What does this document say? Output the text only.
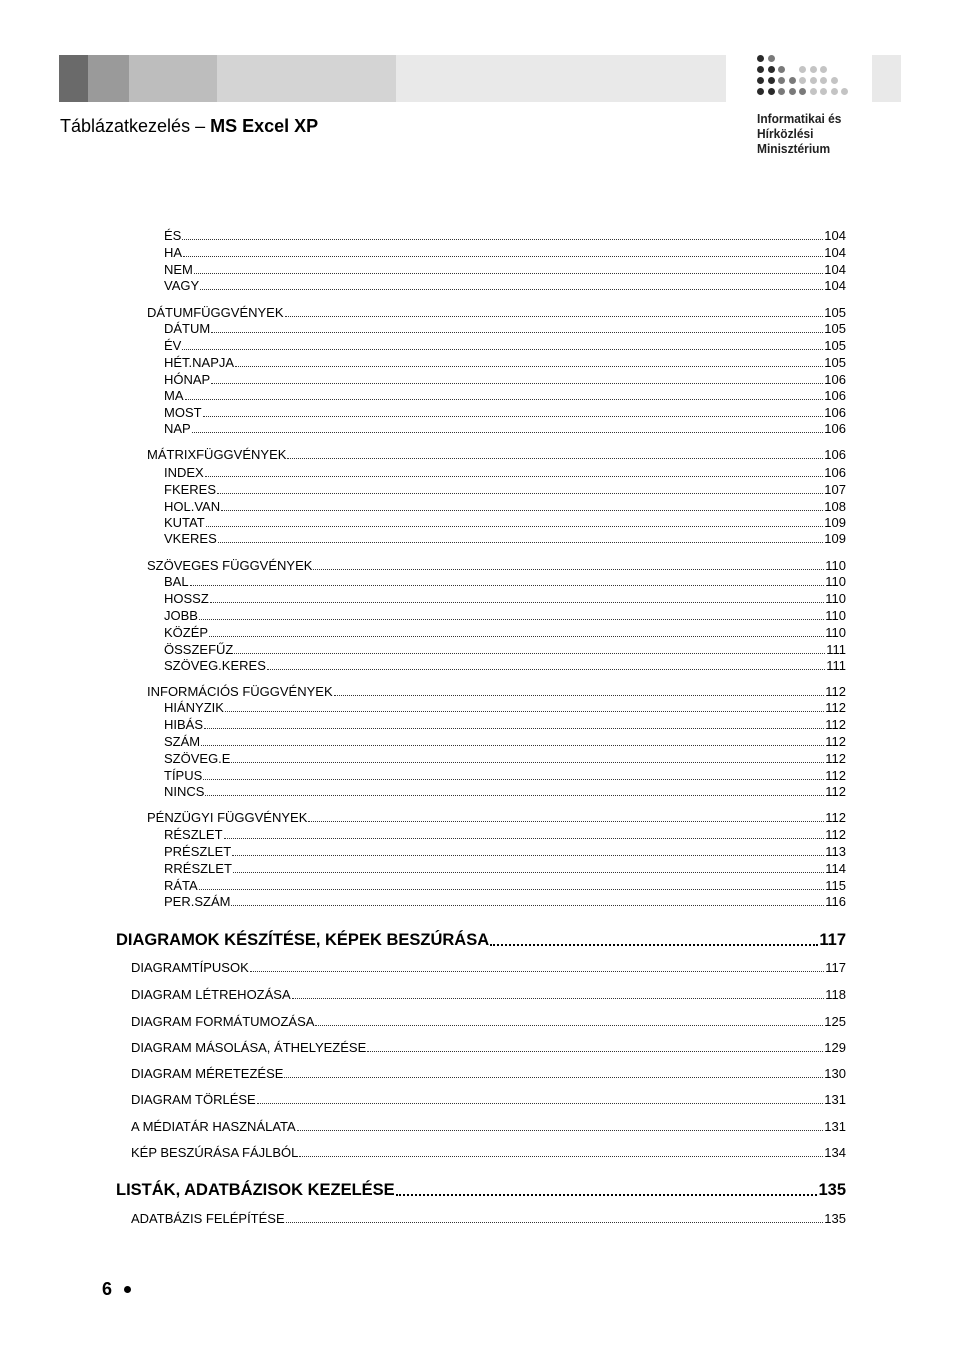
Táblázatkezelés – MS Excel XP	Informatikai és
Hírközlési
Minisztérium
ÉS	104
HA	104
NEM	104
VAGY	104
DÁTUMFÜGGVÉNYEK	105
DÁTUM	105
ÉV	105
HÉT.NAPJA	105
HÓNAP	106
MA	106
MOST	106
NAP	106
MÁTRIXFÜGGVÉNYEK	106
INDEX	106
FKERES	107
HOL.VAN	108
KUTAT	109
VKERES	109
SZÖVEGES FÜGGVÉNYEK	110
BAL	110
HOSSZ	110
JOBB	110
KÖZÉP	110
ÖSSZEFŰZ	111
SZÖVEG.KERES	111
INFORMÁCIÓS FÜGGVÉNYEK	112
HIÁNYZIK	112
HIBÁS	112
SZÁM	112
SZÖVEG.E	112
TÍPUS	112
NINCS	112
PÉNZÜGYI FÜGGVÉNYEK	112
RÉSZLET	112
PRÉSZLET	113
RRÉSZLET	114
RÁTA	115
PER.SZÁM	116
DIAGRAMOK KÉSZÍTÉSE, KÉPEK BESZÚRÁSA	117
DIAGRAMTÍPUSOK	117
DIAGRAM LÉTREHOZÁSA	118
DIAGRAM FORMÁTUMOZÁSA	125
DIAGRAM MÁSOLÁSA, ÁTHELYEZÉSE	129
DIAGRAM MÉRETEZÉSE	130
DIAGRAM TÖRLÉSE	131
A MÉDIATÁR HASZNÁLATA	131
KÉP BESZÚRÁSA FÁJLBÓL	134
LISTÁK, ADATBÁZISOK KEZELÉSE	135
ADATBÁZIS FELÉPÍTÉSE	135
6
